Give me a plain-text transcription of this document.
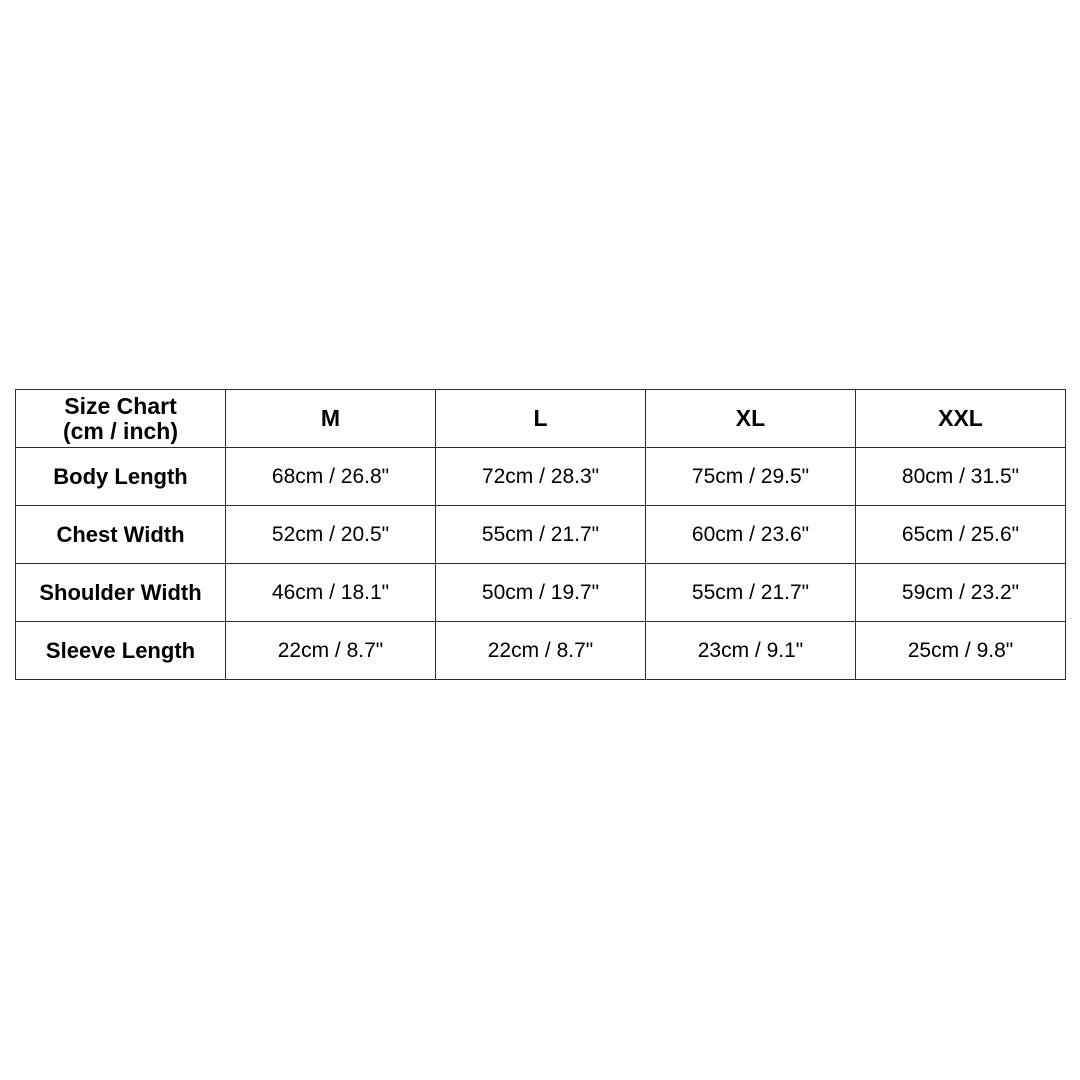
Size Chart
(cm / inch)	M	L	XL	XXL
Body Length	68cm / 26.8"	72cm / 28.3"	75cm / 29.5"	80cm / 31.5"
Chest Width	52cm / 20.5"	55cm / 21.7"	60cm / 23.6"	65cm / 25.6"
Shoulder Width	46cm / 18.1"	50cm / 19.7"	55cm / 21.7"	59cm / 23.2"
Sleeve Length	22cm / 8.7"	22cm / 8.7"	23cm / 9.1"	25cm / 9.8"
